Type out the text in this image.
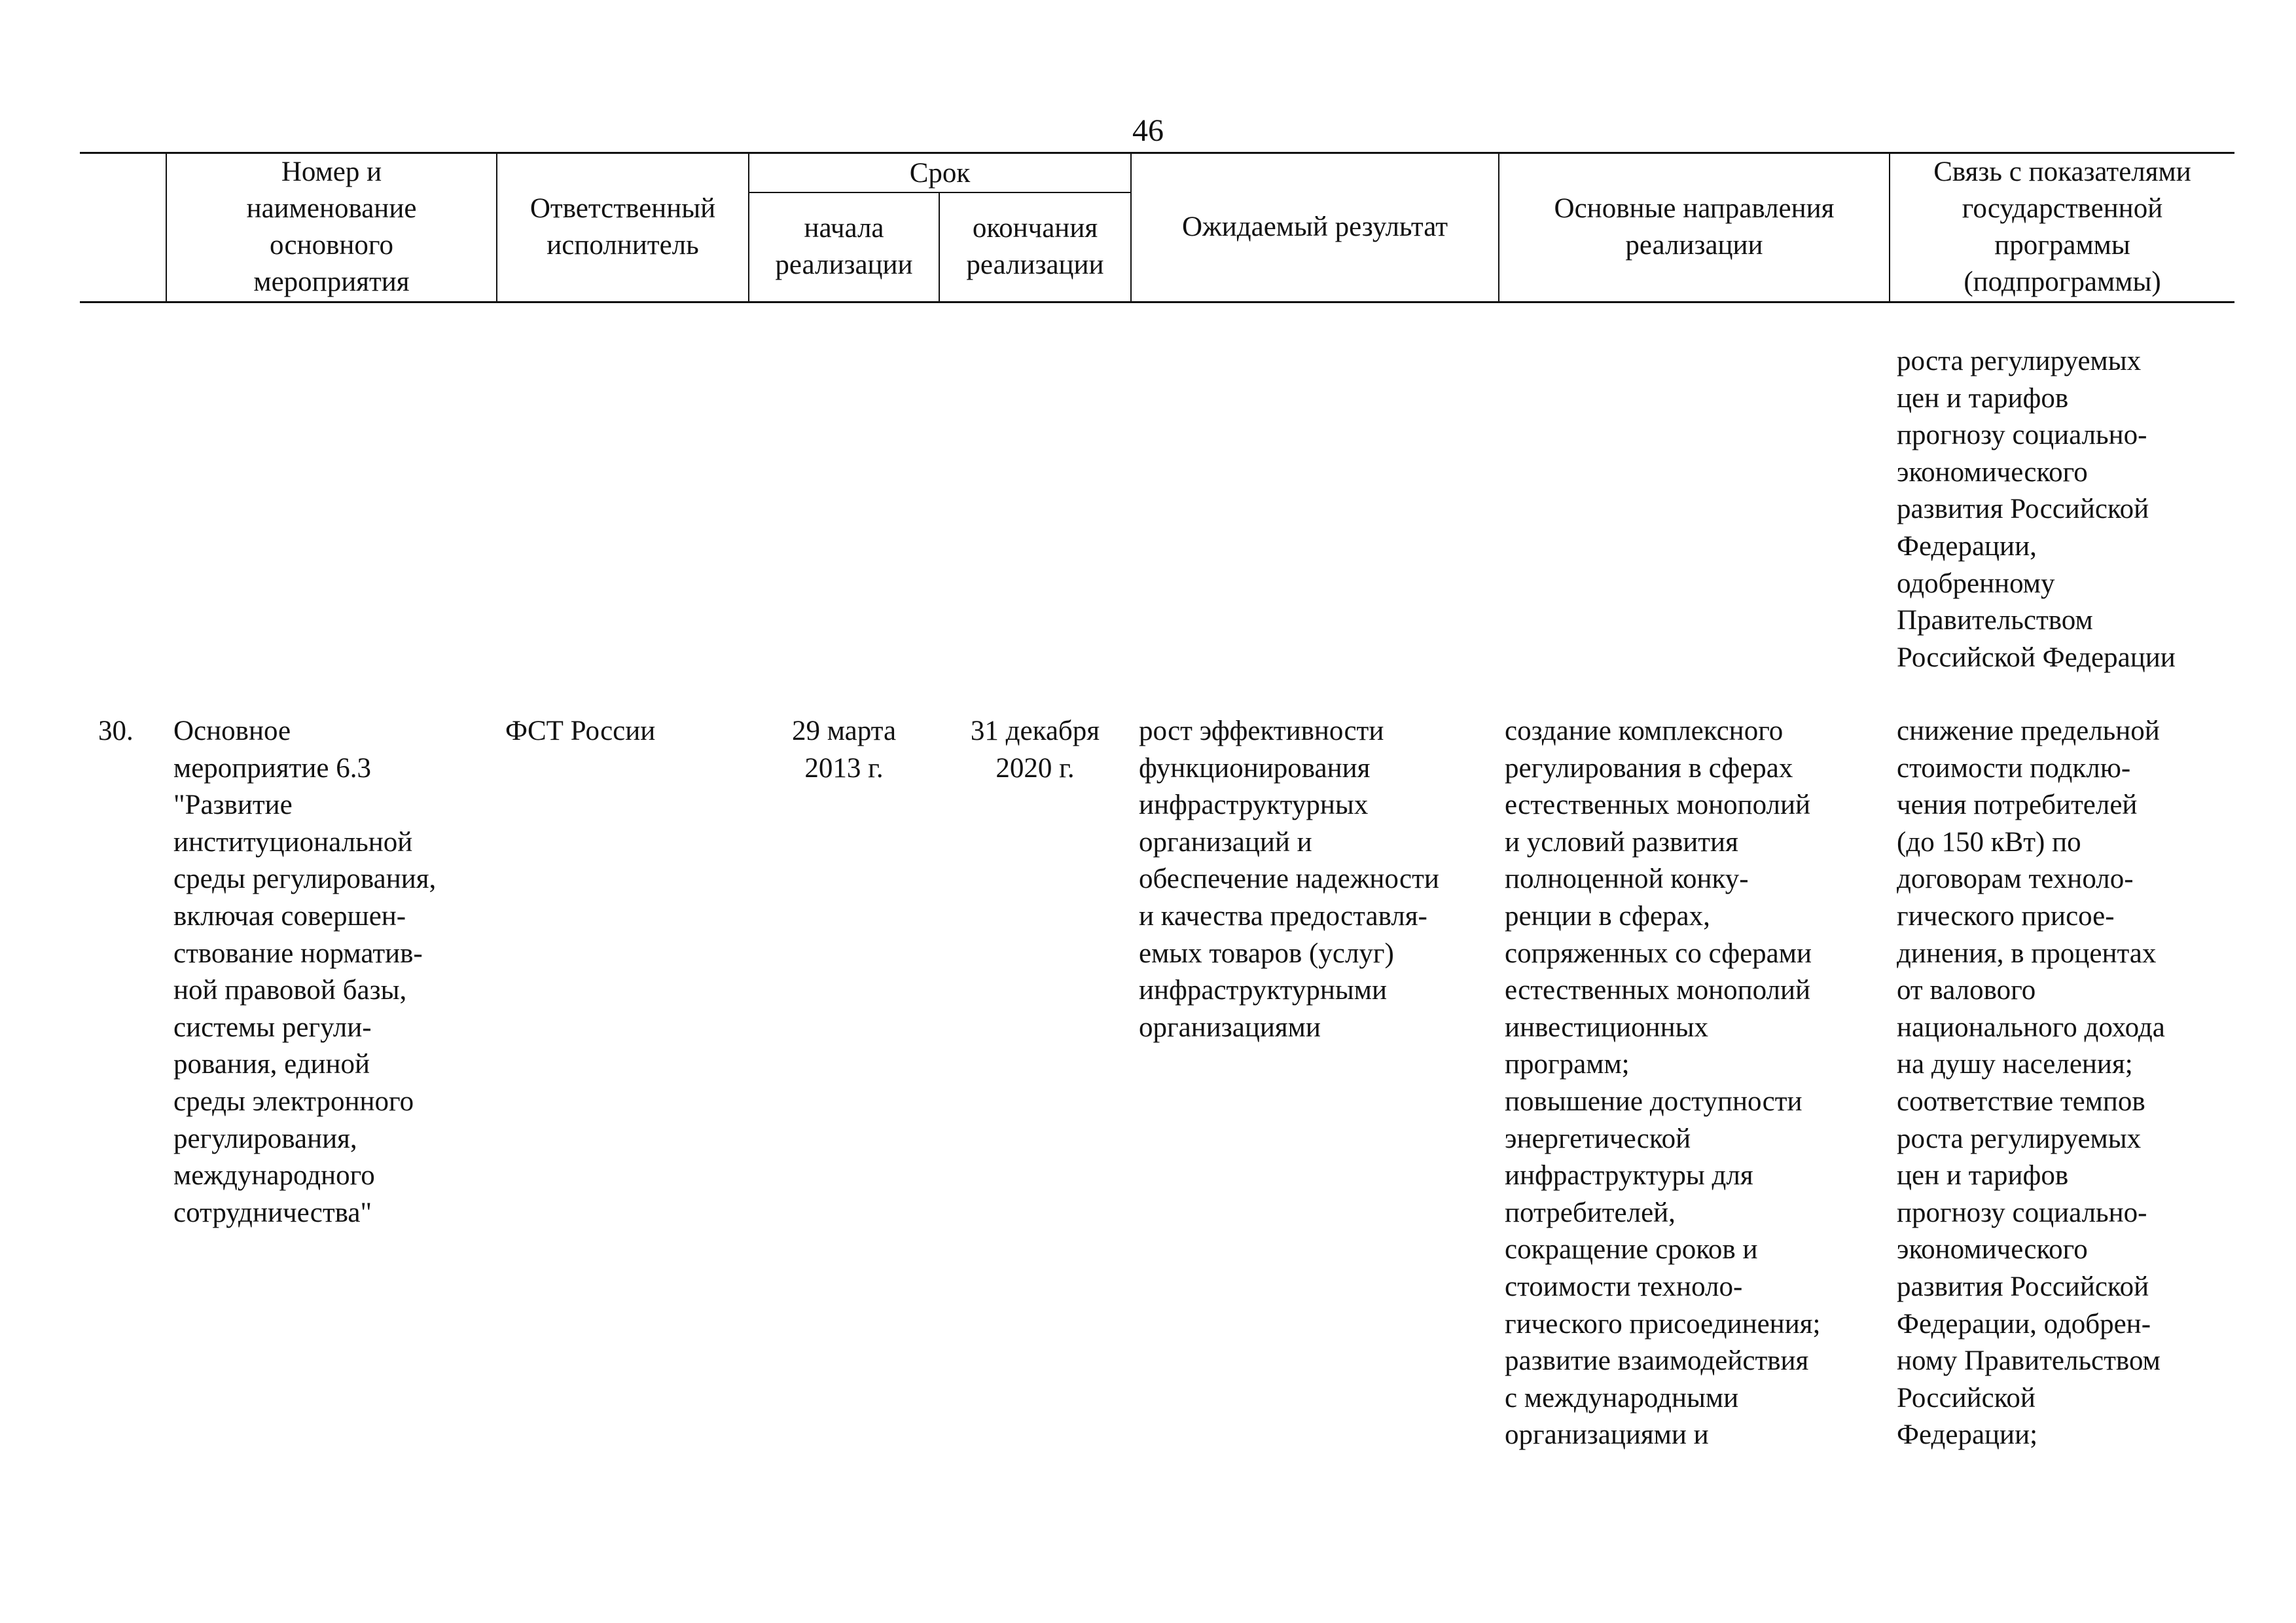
46
Номер и
наименование
основного
мероприятия
Ответственный
исполнитель
Срок
начала
реализации
окончания
реализации
Ожидаемый результат
Основные направления
реализации
Связь с показателями
государственной
программы
(подпрограммы)
роста регулируемых
цен и тарифов
прогнозу социально-
экономического
развития Российской
Федерации,
одобренному
Правительством
Российской Федерации
30.	Основное
мероприятие 6.3
"Развитие
институциональной
среды регулирования,
включая совершен-
ствование норматив-
ной правовой базы,
системы регули-
рования, единой
среды электронного
регулирования,
международного
сотрудничества"
ФСТ России	29 марта
2013 г.
31 декабря
2020 г.
рост эффективности
функционирования
инфраструктурных
организаций и
обеспечение надежности
и качества предоставля-
емых товаров (услуг)
инфраструктурными
организациями
создание комплексного
регулирования в сферах
естественных монополий
и условий развития
полноценной конку-
ренции в сферах,
сопряженных со сферами
естественных монополий
инвестиционных
программ;
повышение доступности
энергетической
инфраструктуры для
потребителей,
сокращение сроков и
стоимости техноло-
гического присоединения;
развитие взаимодействия
с международными
организациями и
снижение предельной
стоимости подклю-
чения потребителей
(до 150 кВт) по
договорам техноло-
гического присое-
динения, в процентах
от валового
национального дохода
на душу населения;
соответствие темпов
роста регулируемых
цен и тарифов
прогнозу социально-
экономического
развития Российской
Федерации, одобрен-
ному Правительством
Российской
Федерации;
